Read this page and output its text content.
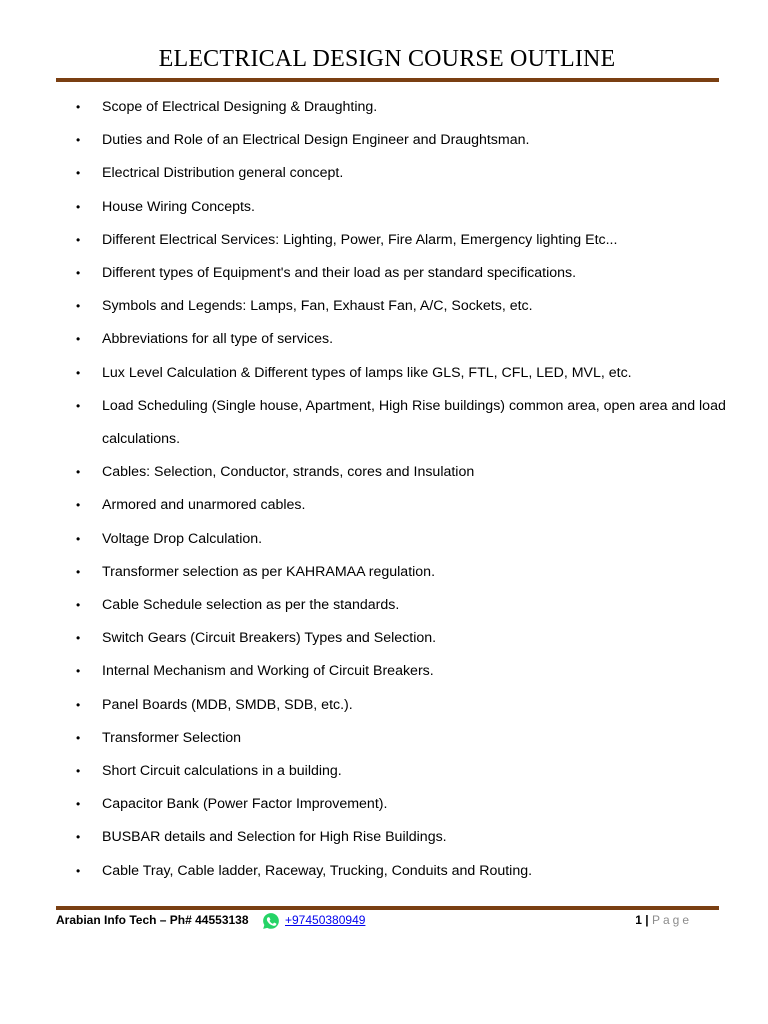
ELECTRICAL DESIGN COURSE OUTLINE
• Scope of Electrical Designing & Draughting.
• Duties and Role of an Electrical Design Engineer and Draughtsman.
• Electrical Distribution general concept.
• House Wiring Concepts.
• Different Electrical Services: Lighting, Power, Fire Alarm, Emergency lighting Etc...
• Different types of Equipment's and their load as per standard specifications.
• Symbols and Legends: Lamps, Fan, Exhaust Fan, A/C, Sockets, etc.
• Abbreviations for all type of services.
• Lux Level Calculation & Different types of lamps like GLS, FTL, CFL, LED, MVL, etc.
• Load Scheduling (Single house, Apartment, High Rise buildings) common area, open area and load calculations.
• Cables: Selection, Conductor, strands, cores and Insulation
• Armored and unarmored cables.
• Voltage Drop Calculation.
• Transformer selection as per KAHRAMAA regulation.
• Cable Schedule selection as per the standards.
• Switch Gears (Circuit Breakers) Types and Selection.
• Internal Mechanism and Working of Circuit Breakers.
• Panel Boards (MDB, SMDB, SDB, etc.).
• Transformer Selection
• Short Circuit calculations in a building.
• Capacitor Bank (Power Factor Improvement).
• BUSBAR details and Selection for High Rise Buildings.
• Cable Tray, Cable ladder, Raceway, Trucking, Conduits and Routing.
Arabian Info Tech – Ph# 44553138	+97450380949	1 | Page
